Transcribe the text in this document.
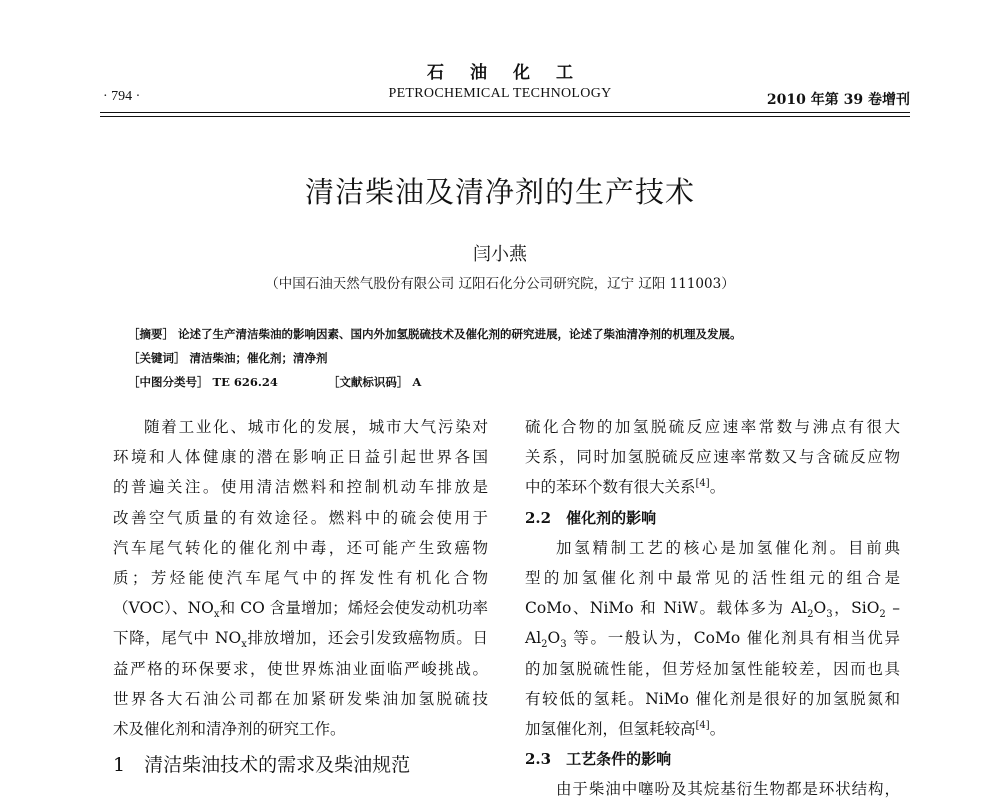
石油化工
PETROCHEMICAL TECHNOLOGY
· 794 ·	2010 年第 39 卷增刊
清洁柴油及清净剂的生产技术
闫小燕
（中国石油天然气股份有限公司 辽阳石化分公司研究院，辽宁 辽阳 111003）
［摘要］ 论述了生产清洁柴油的影响因素、国内外加氢脱硫技术及催化剂的研究进展，论述了柴油清净剂的机理及发展。
［关键词］ 清洁柴油；催化剂；清净剂
［中图分类号］ TE 626.24	［文献标识码］ A

随着工业化、城市化的发展，城市大气污染对

环境和人体健康的潜在影响正日益引起世界各国

的普遍关注。使用清洁燃料和控制机动车排放是

改善空气质量的有效途径。燃料中的硫会使用于

汽车尾气转化的催化剂中毒，还可能产生致癌物

质；芳烃能使汽车尾气中的挥发性有机化合物

（VOC）、$NO_x$和 CO 含量增加；烯烃会使发动机功率

下降，尾气中 $NO_x$排放增加，还会引发致癌物质。日

益严格的环保要求，使世界炼油业面临严峻挑战。

世界各大石油公司都在加紧研发柴油加氢脱硫技

术及催化剂和清净剂的研究工作。

1　清洁柴油技术的需求及柴油规范

硫化合物的加氢脱硫反应速率常数与沸点有很大

关系，同时加氢脱硫反应速率常数又与含硫反应物

中的苯环个数有很大关系[4]。

2.2　催化剂的影响

加氢精制工艺的核心是加氢催化剂。目前典

型的加氢催化剂中最常见的活性组元的组合是

CoMo、NiMo 和 NiW。载体多为 $Al_2O_3$，SiO$_2$ –

$Al_2O_3$ 等。一般认为，CoMo 催化剂具有相当优异

的加氢脱硫性能，但芳烃加氢性能较差，因而也具

有较低的氢耗。NiMo 催化剂是很好的加氢脱氮和

加氢催化剂，但氢耗较高[4]。

2.3　工艺条件的影响

由于柴油中噻吩及其烷基衍生物都是环状结构，
